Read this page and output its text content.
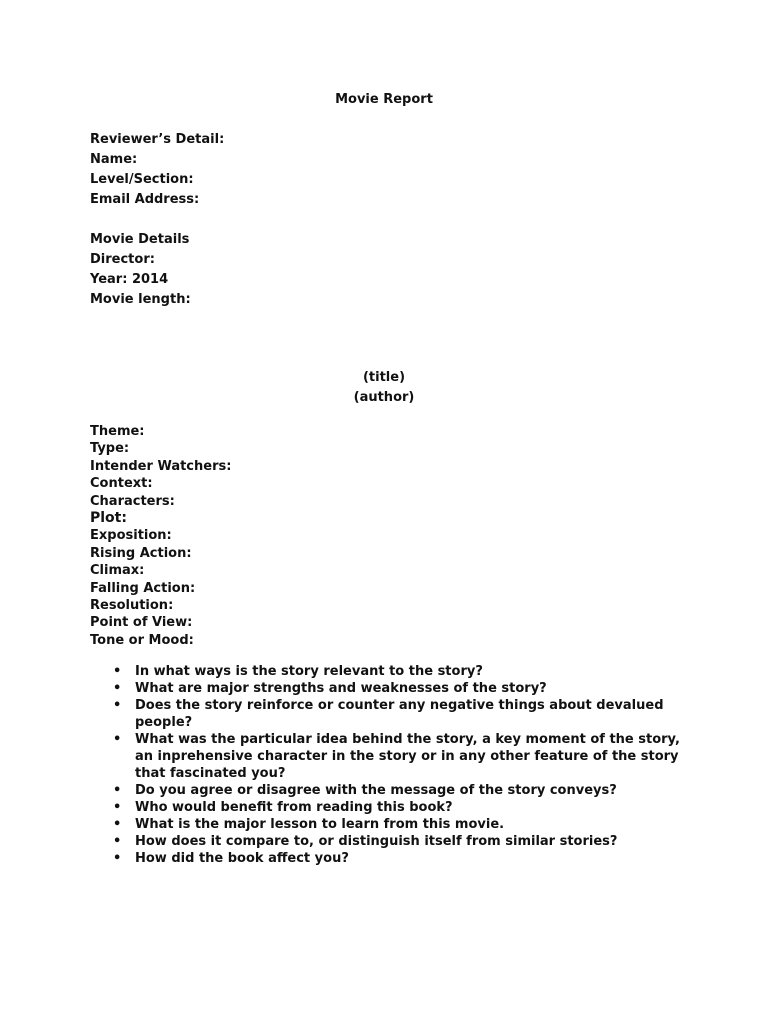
Movie Report
Reviewer’s Detail:
Name:
Level/Section:
Email Address:
Movie Details
Director:
Year: 2014
Movie length:
(title)
(author)
Theme:
Type:
Intender Watchers:
Context:
Characters:
Plot:
Exposition:
Rising Action:
Climax:
Falling Action:
Resolution:
Point of View:
Tone or Mood:
• In what ways is the story relevant to the story?
• What are major strengths and weaknesses of the story?
• Does the story reinforce or counter any negative things about devalued people?
• What was the particular idea behind the story, a key moment of the story, an inprehensive character in the story or in any other feature of the story that fascinated you?
• Do you agree or disagree with the message of the story conveys?
• Who would benefit from reading this book?
• What is the major lesson to learn from this movie.
• How does it compare to, or distinguish itself from similar stories?
• How did the book affect you?
